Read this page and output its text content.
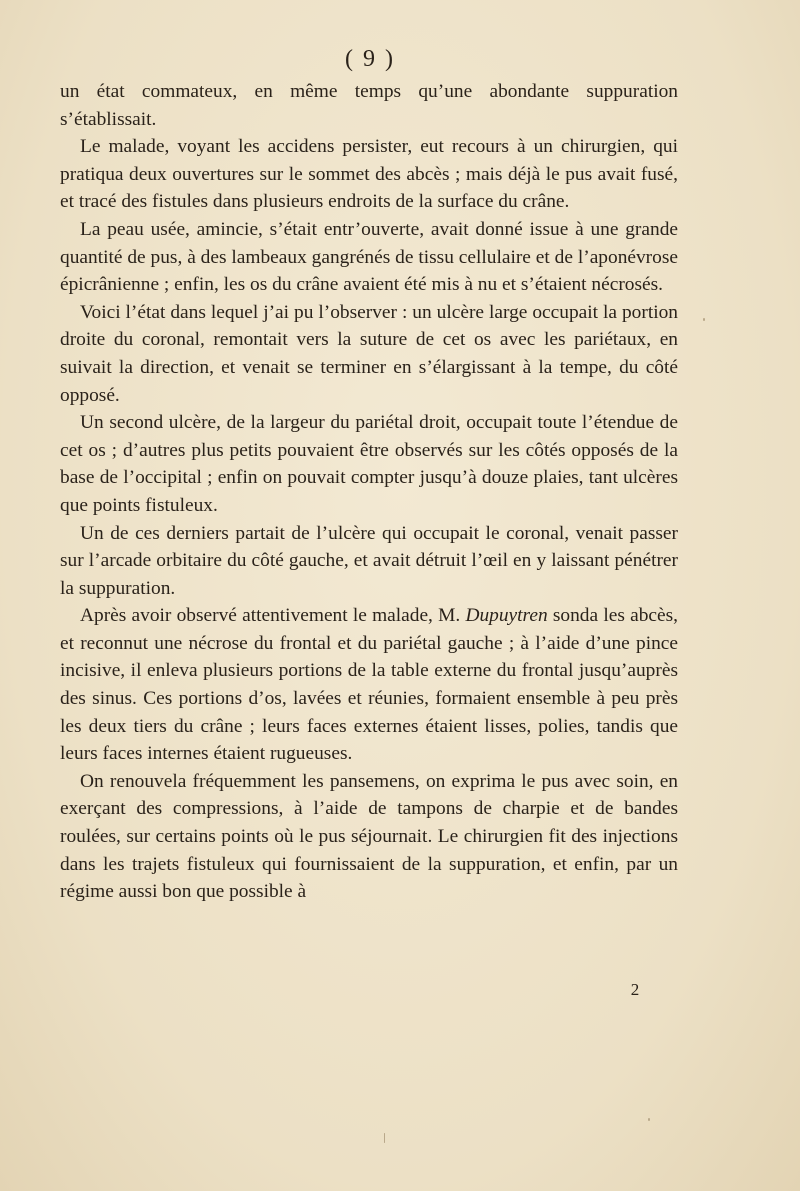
( 9 )

un état commateux, en même temps qu’une abondante suppuration s’établissait.

Le malade, voyant les accidens persister, eut recours à un chirurgien, qui pratiqua deux ouvertures sur le sommet des abcès ; mais déjà le pus avait fusé, et tracé des fistules dans plusieurs endroits de la surface du crâne.

La peau usée, amincie, s’était entr’ouverte, avait donné issue à une grande quantité de pus, à des lambeaux gangrénés de tissu cellulaire et de l’aponévrose épicrânienne ; enfin, les os du crâne avaient été mis à nu et s’étaient nécrosés.

Voici l’état dans lequel j’ai pu l’observer : un ulcère large occupait la portion droite du coronal, remontait vers la suture de cet os avec les pariétaux, en suivait la direction, et venait se terminer en s’élargissant à la tempe, du côté opposé.

Un second ulcère, de la largeur du pariétal droit, occupait toute l’étendue de cet os ; d’autres plus petits pouvaient être observés sur les côtés opposés de la base de l’occipital ; enfin on pouvait compter jusqu’à douze plaies, tant ulcères que points fistuleux.

Un de ces derniers partait de l’ulcère qui occupait le coronal, venait passer sur l’arcade orbitaire du côté gauche, et avait détruit l’œil en y laissant pénétrer la suppuration.

Après avoir observé attentivement le malade, M. Dupuytren sonda les abcès, et reconnut une nécrose du frontal et du pariétal gauche ; à l’aide d’une pince incisive, il enleva plusieurs portions de la table externe du frontal jusqu’auprès des sinus. Ces portions d’os, lavées et réunies, formaient ensemble à peu près les deux tiers du crâne ; leurs faces externes étaient lisses, polies, tandis que leurs faces internes étaient rugueuses.

On renouvela fréquemment les pansemens, on exprima le pus avec soin, en exerçant des compressions, à l’aide de tampons de charpie et de bandes roulées, sur certains points où le pus séjournait. Le chirurgien fit des injections dans les trajets fistuleux qui fournissaient de la suppuration, et enfin, par un régime aussi bon que possible à

2
